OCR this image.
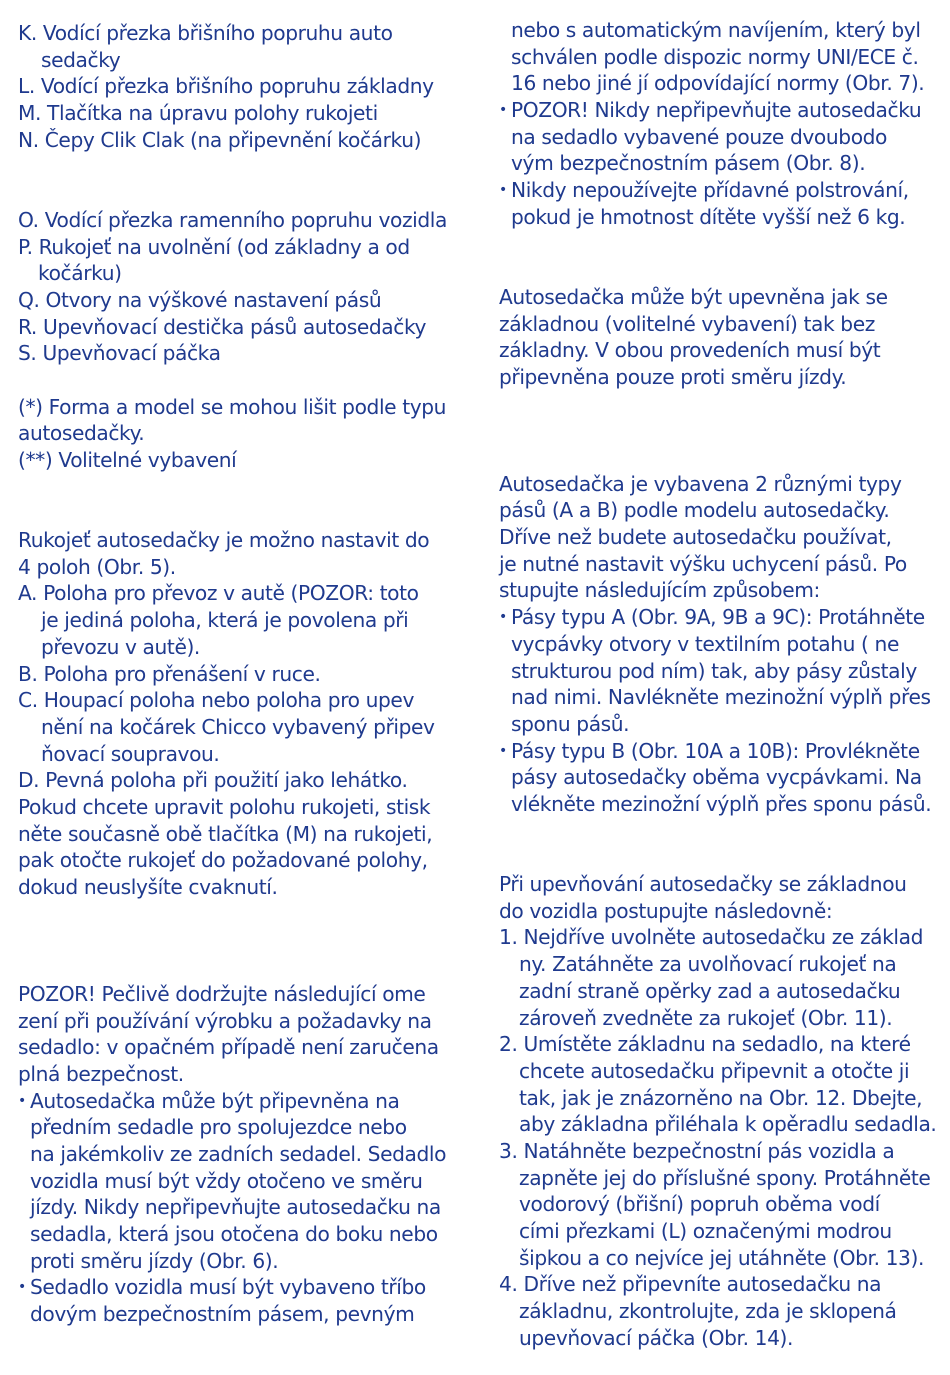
K. Vodící přezka břišního popruhu auto
sedačky
L. Vodící přezka břišního popruhu základny
M. Tlačítka na úpravu polohy rukojeti
N. Čepy Clik Clak (na připevnění kočárku)
O. Vodící přezka ramenního popruhu vozidla
P. Rukojeť na uvolnění (od základny a od
kočárku)
Q. Otvory na výškové nastavení pásů
R. Upevňovací destička pásů autosedačky
S. Upevňovací páčka
(*) Forma a model se mohou lišit podle typu
autosedačky.
(**) Volitelné vybavení
Rukojeť autosedačky je možno nastavit do
4 poloh (Obr. 5).
A. Poloha pro převoz v autě (POZOR: toto
je jediná poloha, která je povolena při
převozu v autě).
B. Poloha pro přenášení v ruce.
C. Houpací poloha nebo poloha pro upev
nění na kočárek Chicco vybavený připev
ňovací soupravou.
D. Pevná poloha při použití jako lehátko.
Pokud chcete upravit polohu rukojeti, stisk
něte současně obě tlačítka (M) na rukojeti,
pak otočte rukojeť do požadované polohy,
dokud neuslyšíte cvaknutí.
POZOR! Pečlivě dodržujte následující ome
zení při používání výrobku a požadavky na
sedadlo: v opačném případě není zaručena
plná bezpečnost.
• Autosedačka může být připevněna na
předním sedadle pro spolujezdce nebo
na jakémkoliv ze zadních sedadel. Sedadlo
vozidla musí být vždy otočeno ve směru
jízdy. Nikdy nepřipevňujte autosedačku na
sedadla, která jsou otočena do boku nebo
proti směru jízdy (Obr. 6).
• Sedadlo vozidla musí být vybaveno tříbo
dovým bezpečnostním pásem, pevným
nebo s automatickým navíjením, který byl
schválen podle dispozic normy UNI/ECE č.
16 nebo jiné jí odpovídající normy (Obr. 7).
• POZOR! Nikdy nepřipevňujte autosedačku
na sedadlo vybavené pouze dvoubodo
vým bezpečnostním pásem (Obr. 8).
• Nikdy nepoužívejte přídavné polstrování,
pokud je hmotnost dítěte vyšší než 6 kg.
Autosedačka může být upevněna jak se
základnou (volitelné vybavení) tak bez
základny. V obou provedeních musí být
připevněna pouze proti směru jízdy.
Autosedačka je vybavena 2 různými typy
pásů (A a B) podle modelu autosedačky.
Dříve než budete autosedačku používat,
je nutné nastavit výšku uchycení pásů. Po
stupujte následujícím způsobem:
• Pásy typu A (Obr. 9A, 9B a 9C): Protáhněte
vycpávky otvory v textilním potahu ( ne
strukturou pod ním) tak, aby pásy zůstaly
nad nimi. Navlékněte mezinožní výplň přes
sponu pásů.
• Pásy typu B (Obr. 10A a 10B): Provlékněte
pásy autosedačky oběma vycpávkami. Na
vlékněte mezinožní výplň přes sponu pásů.
Při upevňování autosedačky se základnou
do vozidla postupujte následovně:
1. Nejdříve uvolněte autosedačku ze základ
ny. Zatáhněte za uvolňovací rukojeť na
zadní straně opěrky zad a autosedačku
zároveň zvedněte za rukojeť (Obr. 11).
2. Umístěte základnu na sedadlo, na které
chcete autosedačku připevnit a otočte ji
tak, jak je znázorněno na Obr. 12. Dbejte,
aby základna přiléhala k opěradlu sedadla.
3. Natáhněte bezpečnostní pás vozidla a
zapněte jej do příslušné spony. Protáhněte
vodorový (břišní) popruh oběma vodí
cími přezkami (L) označenými modrou
šipkou a co nejvíce jej utáhněte (Obr. 13).
4. Dříve než připevníte autosedačku na
základnu, zkontrolujte, zda je sklopená
upevňovací páčka (Obr. 14).
